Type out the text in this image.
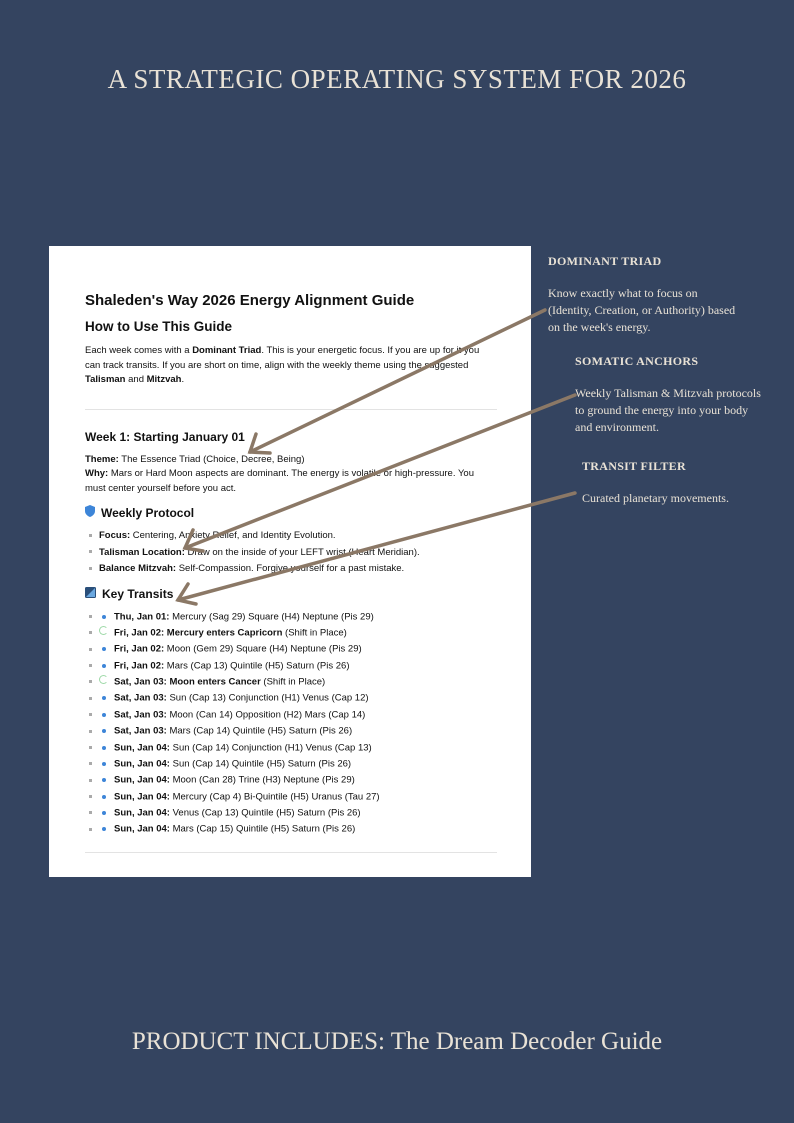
A STRATEGIC OPERATING SYSTEM FOR 2026
Shaleden's Way 2026 Energy Alignment Guide
How to Use This Guide

Each week comes with a Dominant Triad. This is your energetic focus. If you are up for it you can track transits. If you are short on time, align with the weekly theme using the suggested Talisman and Mitzvah.

Week 1: Starting January 01

Theme: The Essence Triad (Choice, Decree, Being)

Why: Mars or Hard Moon aspects are dominant. The energy is volatile or high-pressure. You must center yourself before you act.

Weekly Protocol
Focus: Centering, Anxiety Relief, and Identity Evolution.
Talisman Location: Draw on the inside of your LEFT wrist (Heart Meridian).
Balance Mitzvah: Self-Compassion. Forgive yourself for a past mistake.
Key Transits
Thu, Jan 01: Mercury (Sag 29) Square (H4) Neptune (Pis 29)
Fri, Jan 02: Mercury enters Capricorn (Shift in Place)
Fri, Jan 02: Moon (Gem 29) Square (H4) Neptune (Pis 29)
Fri, Jan 02: Mars (Cap 13) Quintile (H5) Saturn (Pis 26)
Sat, Jan 03: Moon enters Cancer (Shift in Place)
Sat, Jan 03: Sun (Cap 13) Conjunction (H1) Venus (Cap 12)
Sat, Jan 03: Moon (Can 14) Opposition (H2) Mars (Cap 14)
Sat, Jan 03: Mars (Cap 14) Quintile (H5) Saturn (Pis 26)
Sun, Jan 04: Sun (Cap 14) Conjunction (H1) Venus (Cap 13)
Sun, Jan 04: Sun (Cap 14) Quintile (H5) Saturn (Pis 26)
Sun, Jan 04: Moon (Can 28) Trine (H3) Neptune (Pis 29)
Sun, Jan 04: Mercury (Cap 4) Bi-Quintile (H5) Uranus (Tau 27)
Sun, Jan 04: Venus (Cap 13) Quintile (H5) Saturn (Pis 26)
Sun, Jan 04: Mars (Cap 15) Quintile (H5) Saturn (Pis 26)
DOMINANT TRIAD
Know exactly what to focus on (Identity, Creation, or Authority) based on the week's energy.
SOMATIC ANCHORS
Weekly Talisman & Mitzvah protocols to ground the energy into your body and environment.
TRANSIT FILTER
Curated planetary movements.
PRODUCT INCLUDES: The Dream Decoder Guide
